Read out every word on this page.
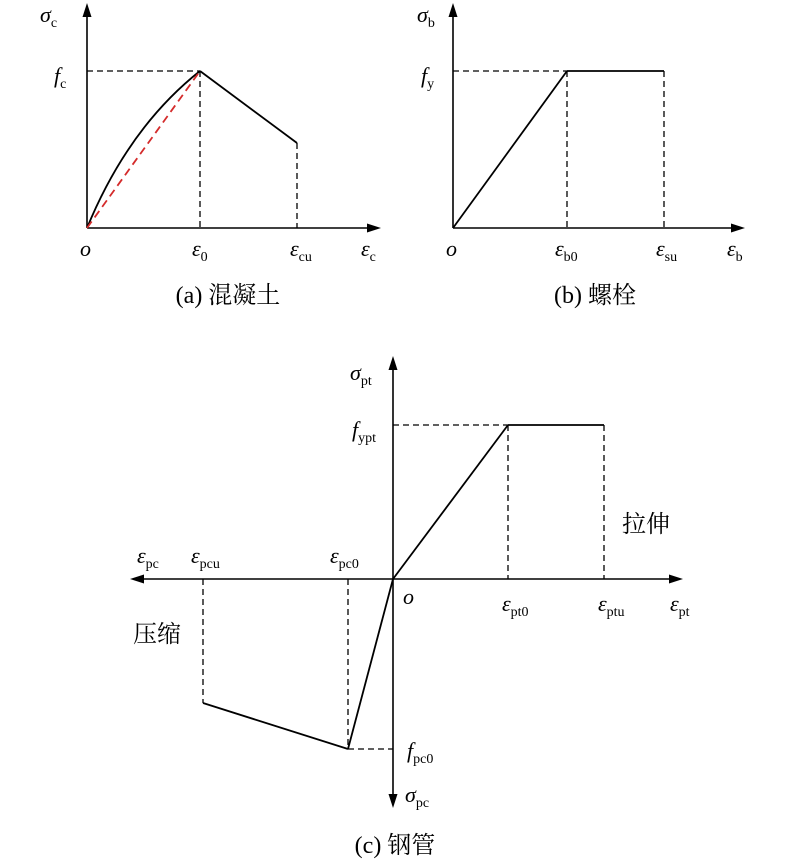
$\sigma_c$
$f_c$
o	$\varepsilon_0$	$\varepsilon_{cu}$ $\varepsilon_c$
(a) 混凝土
$\sigma_b$
$f_y$
o	$\varepsilon_{b0}$	$\varepsilon_{su}$ $\varepsilon_b$
(b) 螺栓
$\sigma_{pt}$
$f_{ypt}$
拉伸
o	$\varepsilon_{pt0}$	$\varepsilon_{ptu}$ $\varepsilon_{pt}$
$\varepsilon_{pc}$ $\varepsilon_{pcu}$	$\varepsilon_{pc0}$
压缩
$f_{pc0}$
$\sigma_{pc}$
(c) 钢管
